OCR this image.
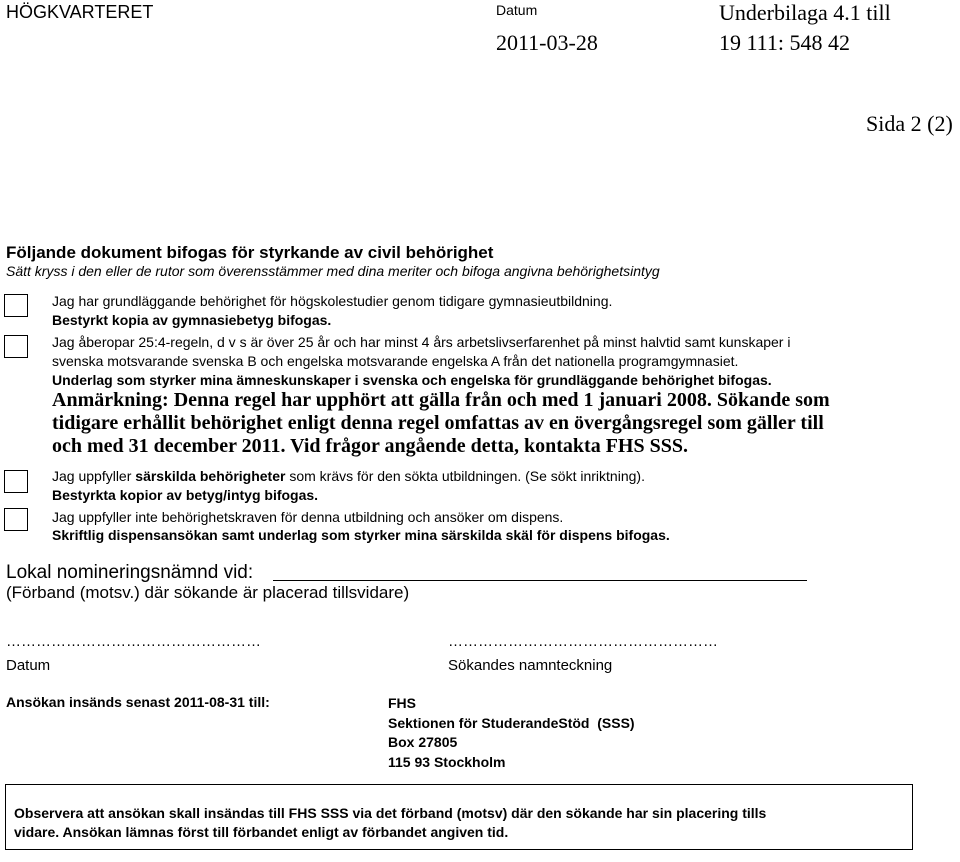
HÖGKVARTERET	Datum
2011-03-28
Underbilaga 4.1 till
19 111: 548 42
Sida 2 (2)
Följande dokument bifogas för styrkande av civil behörighet
Sätt kryss i den eller de rutor som överensstämmer med dina meriter och bifoga angivna behörighetsintyg
Jag har grundläggande behörighet för högskolestudier genom tidigare gymnasieutbildning.
Bestyrkt kopia av gymnasiebetyg bifogas.
Jag åberopar 25:4-regeln, d v s är över 25 år och har minst 4 års arbetslivserfarenhet på minst halvtid samt kunskaper i
svenska motsvarande svenska B och engelska motsvarande engelska A från det nationella programgymnasiet.
Underlag som styrker mina ämneskunskaper i svenska och engelska för grundläggande behörighet bifogas.
Anmärkning: Denna regel har upphört att gälla från och med 1 januari 2008. Sökande som
tidigare erhållit behörighet enligt denna regel omfattas av en övergångsregel som gäller till
och med 31 december 2011. Vid frågor angående detta, kontakta FHS SSS.
Jag uppfyller särskilda behörigheter som krävs för den sökta utbildningen. (Se sökt inriktning).
Bestyrkta kopior av betyg/intyg bifogas.
Jag uppfyller inte behörighetskraven för denna utbildning och ansöker om dispens.
Skriftlig dispensansökan samt underlag som styrker mina särskilda skäl för dispens bifogas.
Lokal nomineringsnämnd vid:
(Förband (motsv.) där sökande är placerad tillsvidare)
……………………………………………	………………………………………………
Datum	Sökandes namnteckning
Ansökan insänds senast 2011-08-31 till:	FHS
Sektionen för StuderandeStöd  (SSS)
Box 27805
115 93 Stockholm
Observera att ansökan skall insändas till FHS SSS via det förband (motsv) där den sökande har sin placering tills
vidare. Ansökan lämnas först till förbandet enligt av förbandet angiven tid.
